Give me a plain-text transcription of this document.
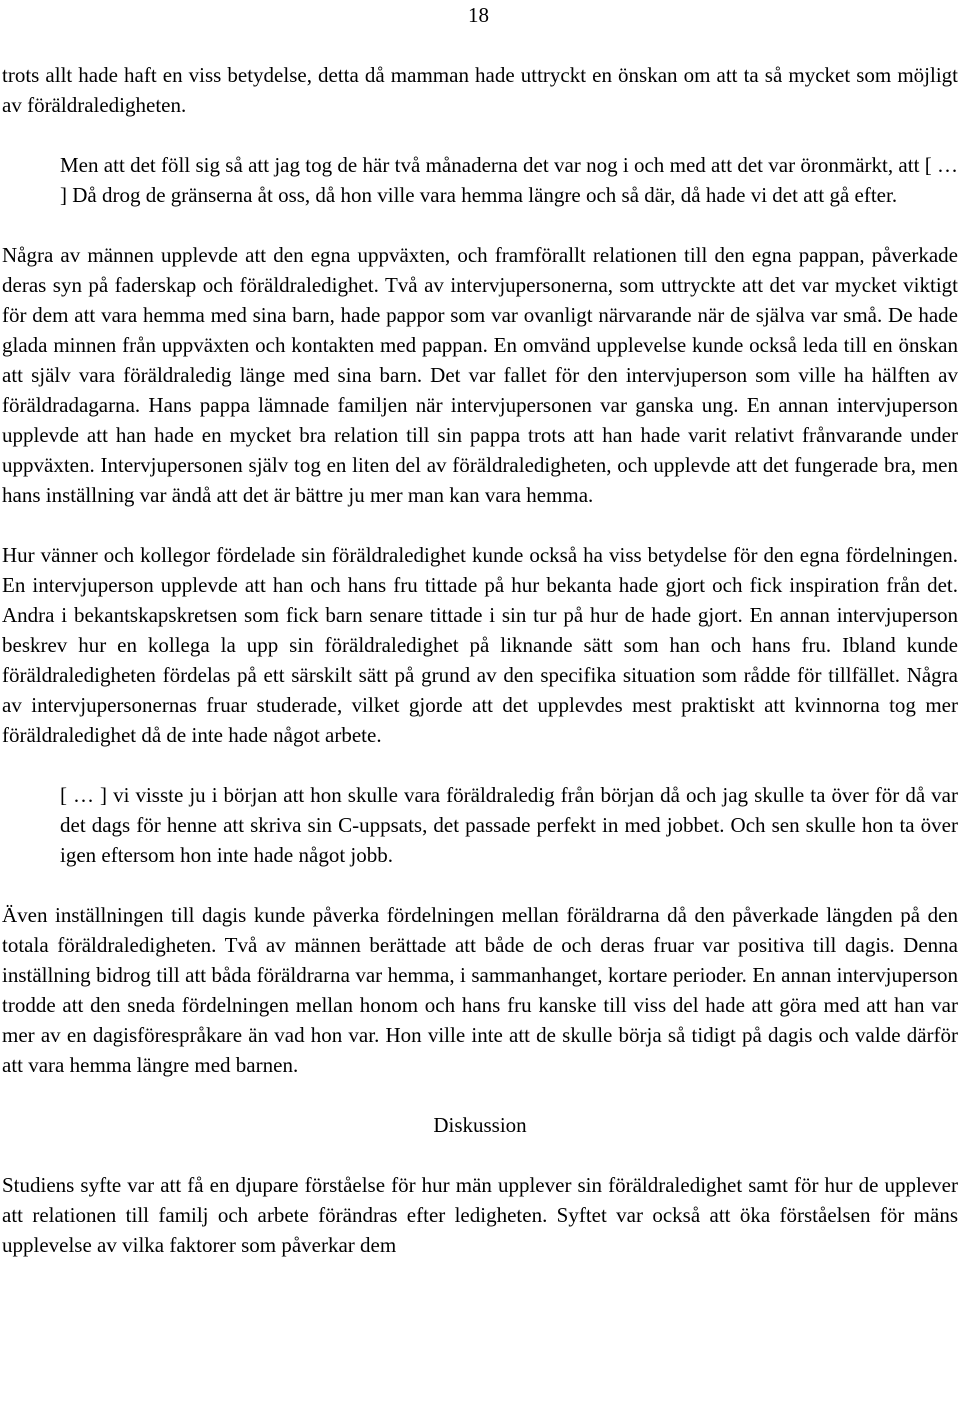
18

trots allt hade haft en viss betydelse, detta då mamman hade uttryckt en önskan om att ta så mycket som möjligt av föräldraledigheten.

Men att det föll sig så att jag tog de här två månaderna det var nog i och med att det var öronmärkt, att [ … ] Då drog de gränserna åt oss, då hon ville vara hemma längre och så där, då hade vi det att gå efter.

Några av männen upplevde att den egna uppväxten, och framförallt relationen till den egna pappan, påverkade deras syn på faderskap och föräldraledighet. Två av intervjupersonerna, som uttryckte att det var mycket viktigt för dem att vara hemma med sina barn, hade pappor som var ovanligt närvarande när de själva var små. De hade glada minnen från uppväxten och kontakten med pappan. En omvänd upplevelse kunde också leda till en önskan att själv vara föräldraledig länge med sina barn. Det var fallet för den intervjuperson som ville ha hälften av föräldradagarna. Hans pappa lämnade familjen när intervjupersonen var ganska ung. En annan intervjuperson upplevde att han hade en mycket bra relation till sin pappa trots att han hade varit relativt frånvarande under uppväxten. Intervjupersonen själv tog en liten del av föräldraledigheten, och upplevde att det fungerade bra, men hans inställning var ändå att det är bättre ju mer man kan vara hemma.

Hur vänner och kollegor fördelade sin föräldraledighet kunde också ha viss betydelse för den egna fördelningen. En intervjuperson upplevde att han och hans fru tittade på hur bekanta hade gjort och fick inspiration från det. Andra i bekantskapskretsen som fick barn senare tittade i sin tur på hur de hade gjort. En annan intervjuperson beskrev hur en kollega la upp sin föräldraledighet på liknande sätt som han och hans fru. Ibland kunde föräldraledigheten fördelas på ett särskilt sätt på grund av den specifika situation som rådde för tillfället. Några av intervjupersonernas fruar studerade, vilket gjorde att det upplevdes mest praktiskt att kvinnorna tog mer föräldraledighet då de inte hade något arbete.

[ … ] vi visste ju i början att hon skulle vara föräldraledig från början då och jag skulle ta över för då var det dags för henne att skriva sin C-uppsats, det passade perfekt in med jobbet. Och sen skulle hon ta över igen eftersom hon inte hade något jobb.

Även inställningen till dagis kunde påverka fördelningen mellan föräldrarna då den påverkade längden på den totala föräldraledigheten. Två av männen berättade att både de och deras fruar var positiva till dagis. Denna inställning bidrog till att båda föräldrarna var hemma, i sammanhanget, kortare perioder. En annan intervjuperson trodde att den sneda fördelningen mellan honom och hans fru kanske till viss del hade att göra med att han var mer av en dagisförespråkare än vad hon var. Hon ville inte att de skulle börja så tidigt på dagis och valde därför att vara hemma längre med barnen.

Diskussion

Studiens syfte var att få en djupare förståelse för hur män upplever sin föräldraledighet samt för hur de upplever att relationen till familj och arbete förändras efter ledigheten. Syftet var också att öka förståelsen för mäns upplevelse av vilka faktorer som påverkar dem
